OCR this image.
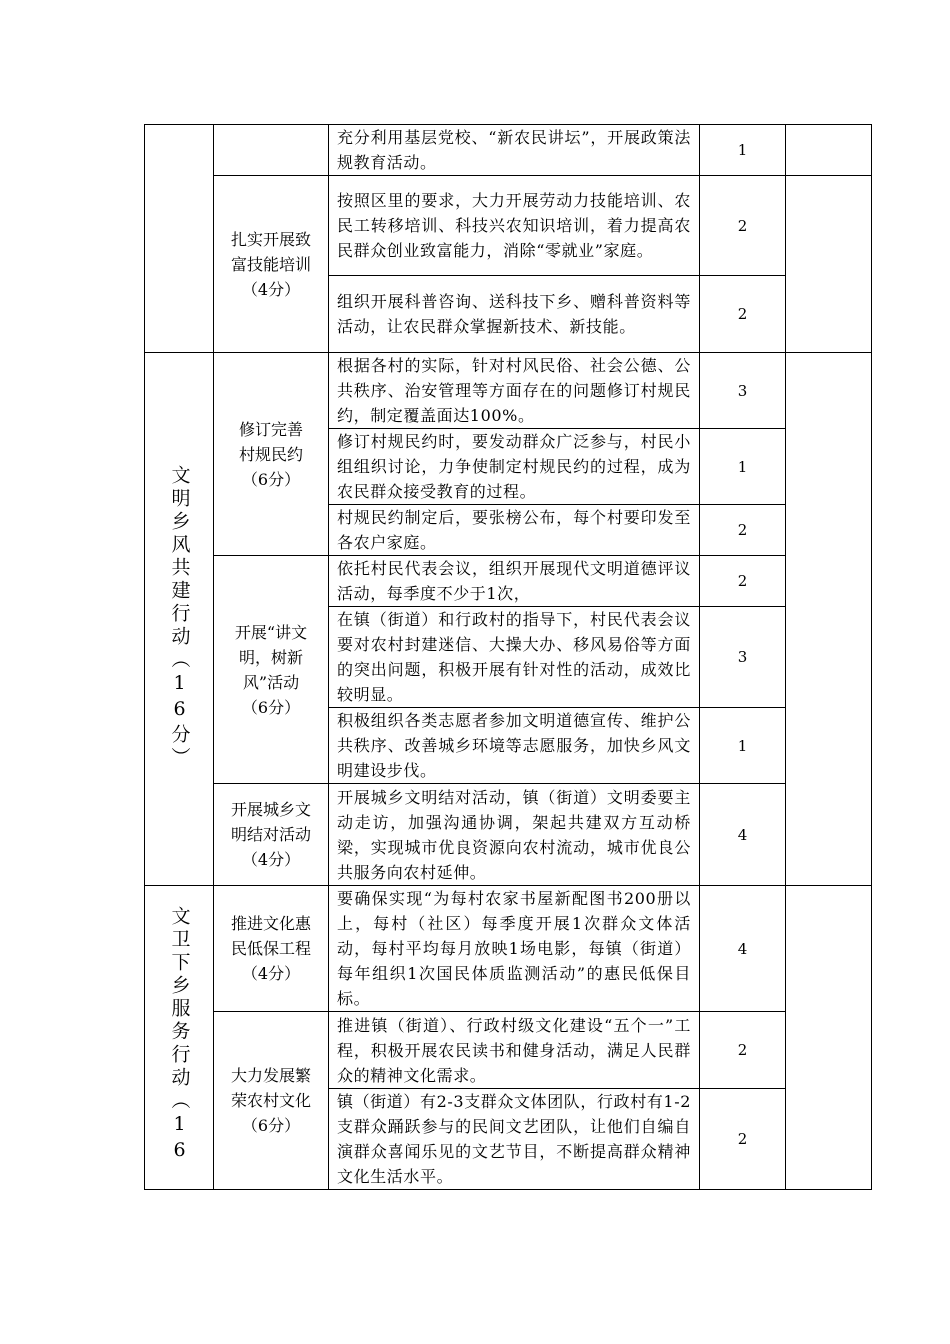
	充分利用基层党校、“新农民讲坛”，开展政策法规教育活动。	1	

	扎实开展致
富技能培训
（4分）	按照区里的要求，大力开展劳动力技能培训、农民工转移培训、科技兴农知识培训，着力提高农民群众创业致富能力，消除“零就业”家庭。	2	
		组织开展科普咨询、送科技下乡、赠科普资料等活动，让农民群众掌握新技术、新技能。	2	
文明乡风共建行动（16分）	修订完善
村规民约
（6分）	根据各村的实际，针对村风民俗、社会公德、公共秩序、治安管理等方面存在的问题修订村规民约，制定覆盖面达100%。	3	
		修订村规民约时，要发动群众广泛参与，村民小组组织讨论，力争使制定村规民约的过程，成为农民群众接受教育的过程。	1	
		村规民约制定后，要张榜公布，每个村要印发至各农户家庭。	2	

	开展“讲文
明，树新
风”活动
（6分）	依托村民代表会议，组织开展现代文明道德评议活动，每季度不少于1次，	2	
		在镇（街道）和行政村的指导下，村民代表会议要对农村封建迷信、大操大办、移风易俗等方面的突出问题，积极开展有针对性的活动，成效比较明显。	3	
		积极组织各类志愿者参加文明道德宣传、维护公共秩序、改善城乡环境等志愿服务，加快乡风文明建设步伐。	1	

	开展城乡文
明结对活动
（4分）	开展城乡文明结对活动，镇（街道）文明委要主动走访，加强沟通协调，架起共建双方互动桥梁，实现城市优良资源向农村流动，城市优良公共服务向农村延伸。	4	
文卫下乡服务行动（16	推进文化惠
民低保工程
（4分）	要确保实现“为每村农家书屋新配图书200册以上，每村（社区）每季度开展1次群众文体活动，每村平均每月放映1场电影，每镇（街道）每年组织1次国民体质监测活动”的惠民低保目标。	4	

	大力发展繁
荣农村文化
（6分）	推进镇（街道）、行政村级文化建设“五个一”工程，积极开展农民读书和健身活动，满足人民群众的精神文化需求。	2	
		镇（街道）有2-3支群众文体团队，行政村有1-2支群众踊跃参与的民间文艺团队，让他们自编自演群众喜闻乐见的文艺节目，不断提高群众精神文化生活水平。	2	
